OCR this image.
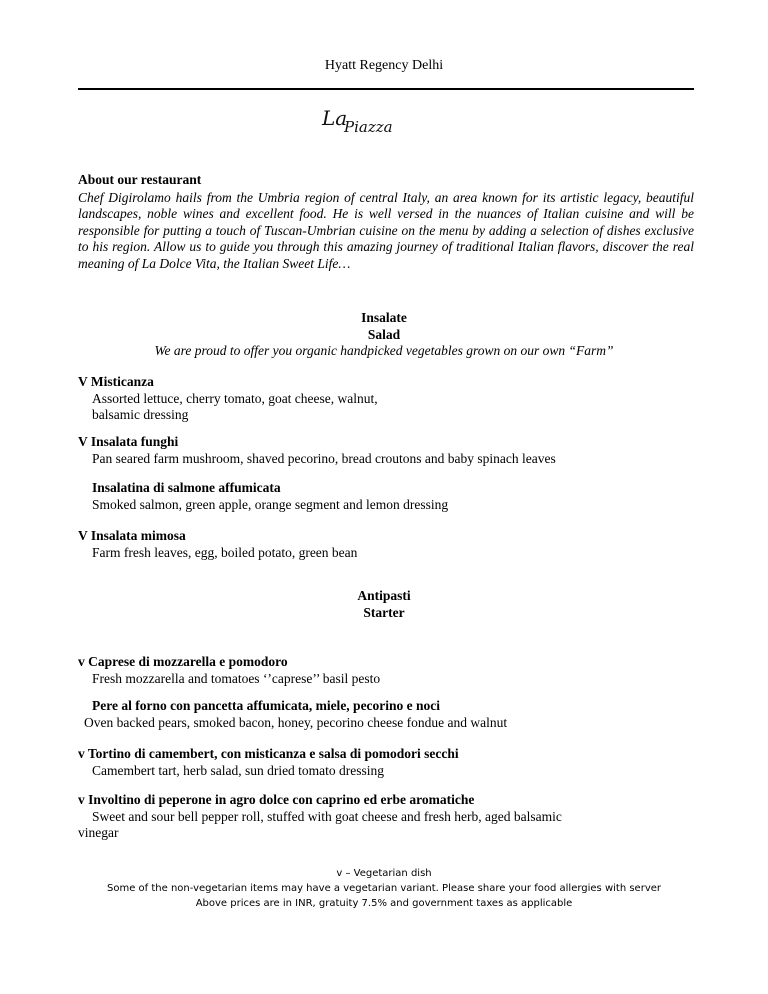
Hyatt Regency Delhi
La
Piazza
About our restaurant

Chef Digirolamo hails from the Umbria region of central Italy, an area known for its artistic legacy, beautiful landscapes, noble wines and excellent food. He is well versed in the nuances of Italian cuisine and will be responsible for putting a touch of Tuscan-Umbrian cuisine on the menu by adding a selection of dishes exclusive to his region. Allow us to guide you through this amazing journey of traditional Italian flavors, discover the real meaning of La Dolce Vita, the Italian Sweet Life…

Insalate
Salad
We are proud to offer you organic handpicked vegetables grown on our own “Farm”
V Misticanza
Assorted lettuce, cherry tomato, goat cheese, walnut,
balsamic dressing
V Insalata funghi
Pan seared farm mushroom, shaved pecorino, bread croutons and baby spinach leaves
Insalatina di salmone affumicata
Smoked salmon, green apple, orange segment and lemon dressing
V Insalata mimosa
Farm fresh leaves, egg, boiled potato, green bean
Antipasti
Starter
v Caprese di mozzarella e pomodoro
Fresh mozzarella and tomatoes ‘’caprese’’ basil pesto
Pere al forno con pancetta affumicata, miele, pecorino e noci
Oven backed pears, smoked bacon, honey, pecorino cheese fondue and walnut
v Tortino di camembert, con misticanza e salsa di pomodori secchi
Camembert tart, herb salad, sun dried tomato dressing
v Involtino di peperone in agro dolce con caprino ed erbe aromatiche
Sweet and sour bell pepper roll, stuffed with goat cheese and fresh herb, aged balsamic
vinegar
v – Vegetarian dish
Some of the non-vegetarian items may have a vegetarian variant. Please share your food allergies with server
Above prices are in INR, gratuity 7.5% and government taxes as applicable
